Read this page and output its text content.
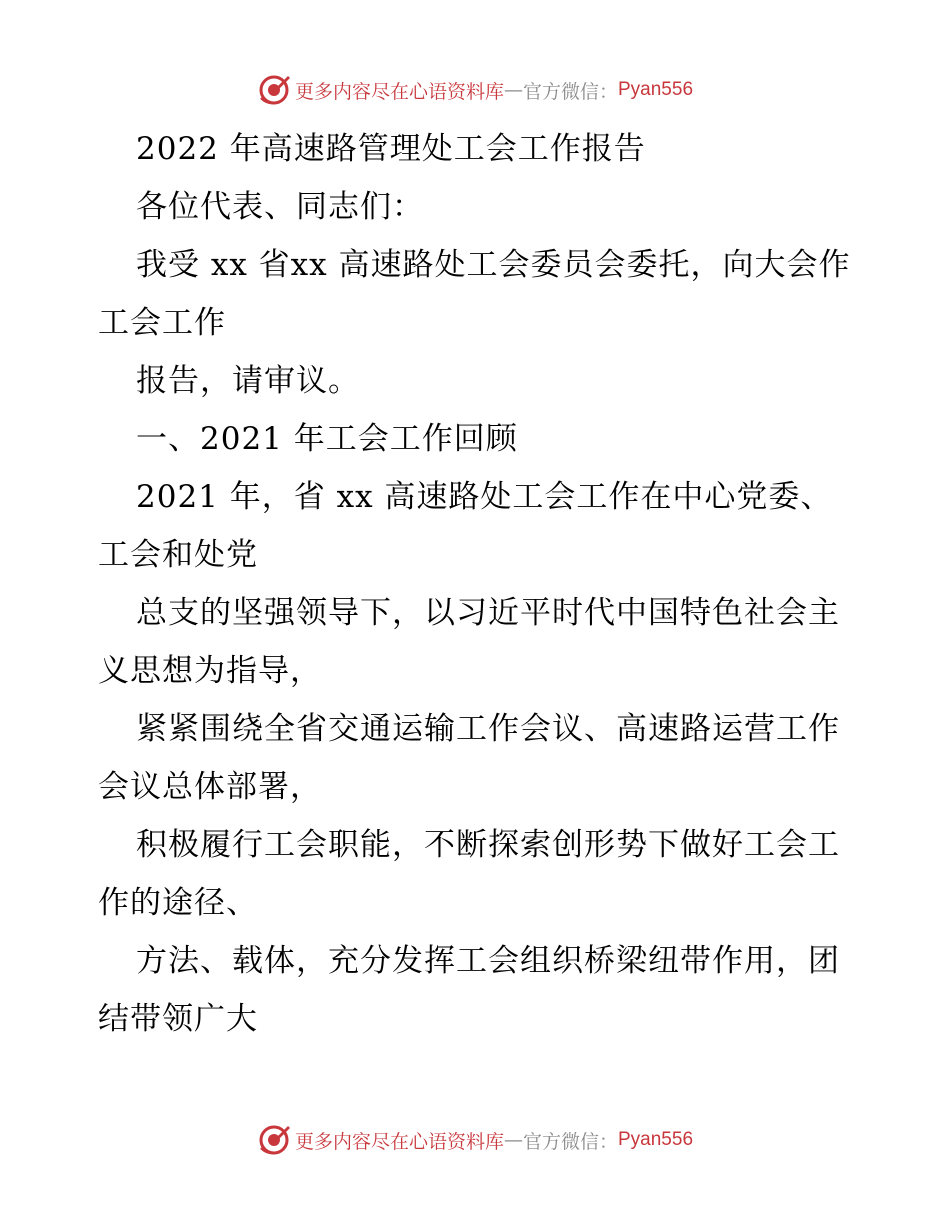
更多内容尽在心语资料库 — 官方微信： Pyan556

2022 年高速路管理处工会工作报告

各位代表、同志们：

我受 xx 省xx 高速路处工会委员会委托，向大会作工会工作

报告，请审议。

一、2021 年工会工作回顾

2021 年，省 xx 高速路处工会工作在中心党委、工会和处党

总支的坚强领导下，以习近平时代中国特色社会主义思想为指导，

紧紧围绕全省交通运输工作会议、高速路运营工作会议总体部署，

积极履行工会职能，不断探索创形势下做好工会工作的途径、

方法、载体，充分发挥工会组织桥梁纽带作用，团结带领广大

更多内容尽在心语资料库 — 官方微信： Pyan556
